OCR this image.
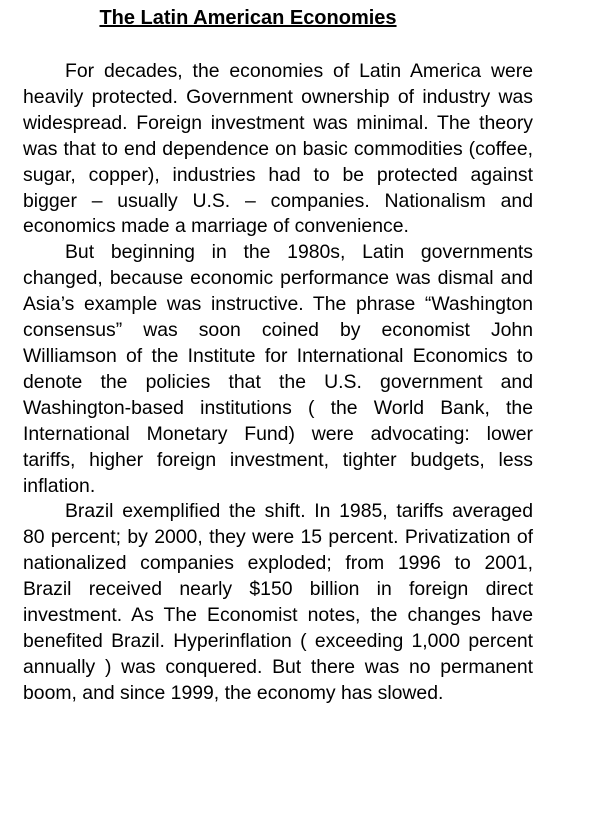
The Latin American Economies

For decades, the economies of Latin America were heavily protected. Government ownership of industry was widespread. Foreign investment was minimal. The theory was that to end dependence on basic commodities (coffee, sugar, copper), industries had to be protected against bigger – usually U.S. – companies. Nationalism and economics made a marriage of convenience.

But beginning in the 1980s, Latin governments changed, because economic performance was dismal and Asia’s example was instructive. The phrase “Washington consensus” was soon coined by economist John Williamson of the Institute for International Economics to denote the policies that the U.S. government and Washington-based institutions ( the World Bank, the International Monetary Fund) were advocating: lower tariffs, higher foreign investment, tighter budgets, less inflation.

Brazil exemplified the shift. In 1985, tariffs averaged 80 percent; by 2000, they were 15 percent. Privatization of nationalized companies exploded; from 1996 to 2001, Brazil received nearly $150 billion in foreign direct investment. As The Economist notes, the changes have benefited Brazil. Hyperinflation ( exceeding 1,000 percent annually ) was conquered. But there was no permanent boom, and since 1999, the economy has slowed.
